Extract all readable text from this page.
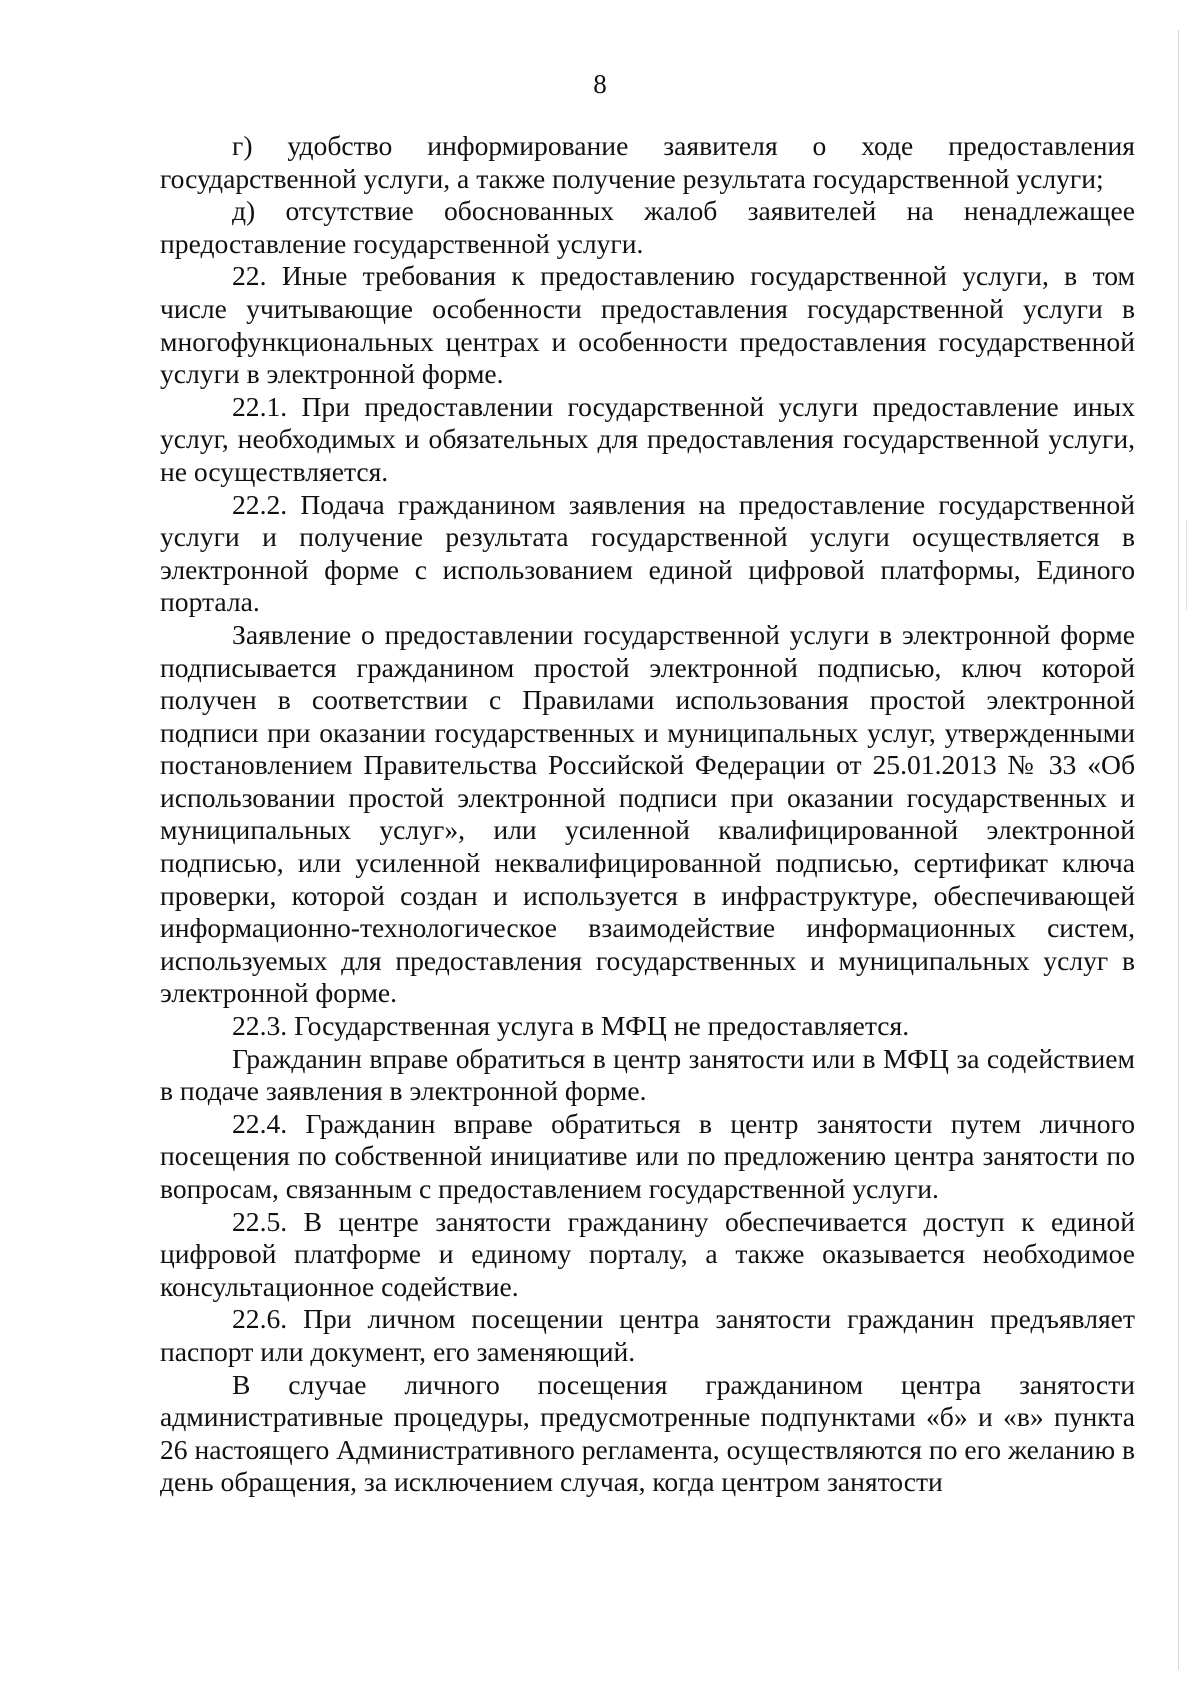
8

г) удобство информирование заявителя о ходе предоставления государственной услуги, а также получение результата государственной услуги;

д) отсутствие обоснованных жалоб заявителей на ненадлежащее предоставление государственной услуги.

22. Иные требования к предоставлению государственной услуги, в том числе учитывающие особенности предоставления государственной услуги в многофункциональных центрах и особенности предоставления государственной услуги в электронной форме.

22.1. При предоставлении государственной услуги предоставление иных услуг, необходимых и обязательных для предоставления государственной услуги, не осуществляется.

22.2. Подача гражданином заявления на предоставление государственной услуги и получение результата государственной услуги осуществляется в электронной форме с использованием единой цифровой платформы, Единого портала.

Заявление о предоставлении государственной услуги в электронной форме подписывается гражданином простой электронной подписью, ключ которой получен в соответствии с Правилами использования простой электронной подписи при оказании государственных и муниципальных услуг, утвержденными постановлением Правительства Российской Федерации от 25.01.2013 № 33 «Об использовании простой электронной подписи при оказании государственных и муниципальных услуг», или усиленной квалифицированной электронной подписью, или усиленной неквалифицированной подписью, сертификат ключа проверки, которой создан и используется в инфраструктуре, обеспечивающей информационно-технологическое взаимодействие информационных систем, используемых для предоставления государственных и муниципальных услуг в электронной форме.

22.3. Государственная услуга в МФЦ не предоставляется.

Гражданин вправе обратиться в центр занятости или в МФЦ за содействием в подаче заявления в электронной форме.

22.4. Гражданин вправе обратиться в центр занятости путем личного посещения по собственной инициативе или по предложению центра занятости по вопросам, связанным с предоставлением государственной услуги.

22.5. В центре занятости гражданину обеспечивается доступ к единой цифровой платформе и единому порталу, а также оказывается необходимое консультационное содействие.

22.6. При личном посещении центра занятости гражданин предъявляет паспорт или документ, его заменяющий.

В случае личного посещения гражданином центра занятости административные процедуры, предусмотренные подпунктами «б» и «в» пункта 26 настоящего Административного регламента, осуществляются по его желанию в день обращения, за исключением случая, когда центром занятости
